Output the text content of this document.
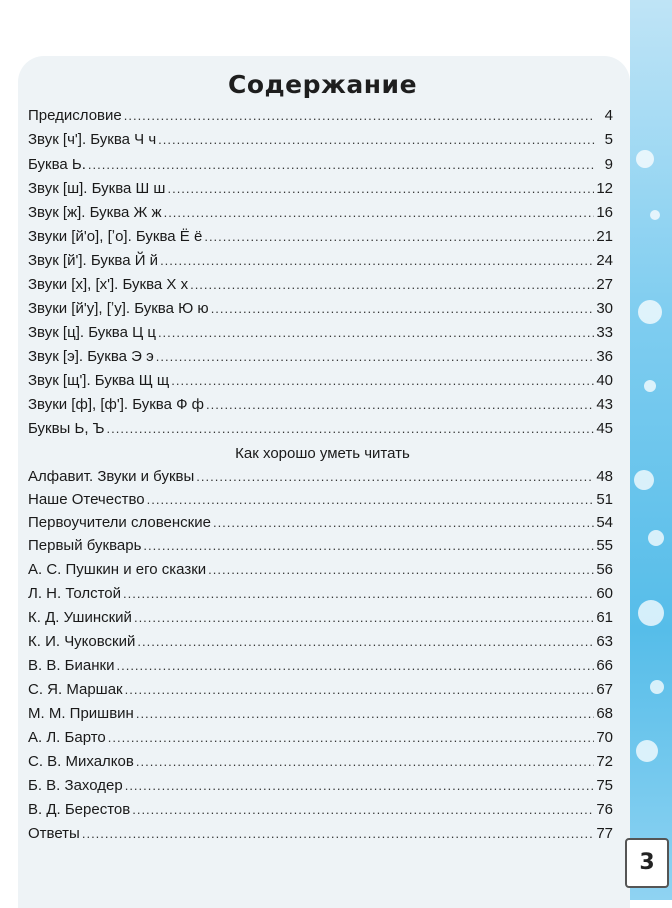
Содержание
Предисловие .....	4
Звук [ч']. Буква Ч ч .....	5
Буква Ь. .....	9
Звук [ш]. Буква Ш ш .....	12
Звук [ж]. Буква Ж ж .....	16
Звуки [й'о], [ʼо]. Буква Ё ё .....	21
Звук [й']. Буква Й й .....	24
Звуки [х], [х']. Буква Х х .....	27
Звуки [й'у], [ʼу]. Буква Ю ю .....	30
Звук [ц]. Буква Ц ц .....	33
Звук [э]. Буква Э э .....	36
Звук [щ']. Буква Щ щ .....	40
Звуки [ф], [ф']. Буква Ф ф .....	43
Буквы Ь, Ъ .....	45
Как хорошо уметь читать
Алфавит. Звуки и буквы .....	48
Наше Отечество .....	51
Первоучители словенские .....	54
Первый букварь .....	55
А. С. Пушкин и его сказки .....	56
Л. Н. Толстой .....	60
К. Д. Ушинский .....	61
К. И. Чуковский .....	63
В. В. Бианки .....	66
С. Я. Маршак .....	67
М. М. Пришвин .....	68
А. Л. Барто .....	70
С. В. Михалков .....	72
Б. В. Заходер .....	75
В. Д. Берестов .....	76
Ответы .....	77
3
